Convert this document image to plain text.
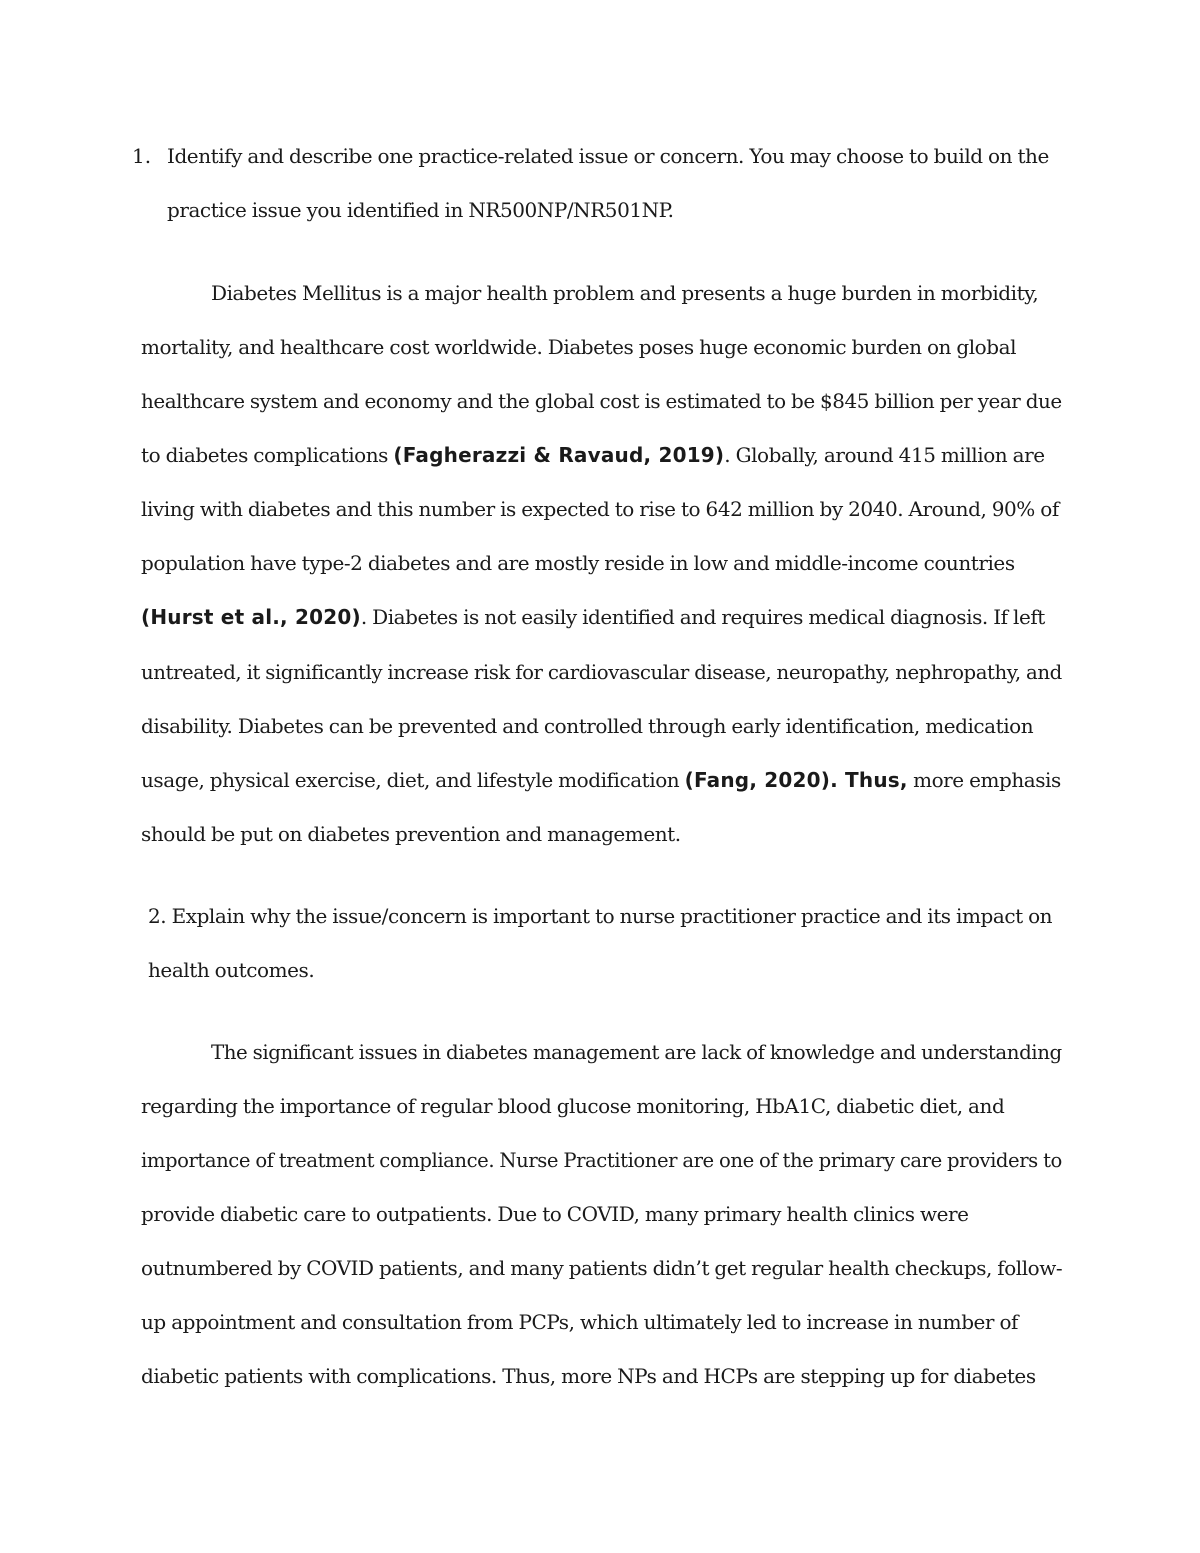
1. Identify and describe one practice-related issue or concern. You may choose to build on the
practice issue you identified in NR500NP/NR501NP.
Diabetes Mellitus is a major health problem and presents a huge burden in morbidity,
mortality, and healthcare cost worldwide. Diabetes poses huge economic burden on global
healthcare system and economy and the global cost is estimated to be $845 billion per year due
to diabetes complications (Fagherazzi & Ravaud, 2019). Globally, around 415 million are
living with diabetes and this number is expected to rise to 642 million by 2040. Around, 90% of
population have type-2 diabetes and are mostly reside in low and middle-income countries
(Hurst et al., 2020). Diabetes is not easily identified and requires medical diagnosis. If left
untreated, it significantly increase risk for cardiovascular disease, neuropathy, nephropathy, and
disability. Diabetes can be prevented and controlled through early identification, medication
usage, physical exercise, diet, and lifestyle modification (Fang, 2020). Thus, more emphasis
should be put on diabetes prevention and management.
2. Explain why the issue/concern is important to nurse practitioner practice and its impact on
health outcomes.
The significant issues in diabetes management are lack of knowledge and understanding
regarding the importance of regular blood glucose monitoring, HbA1C, diabetic diet, and
importance of treatment compliance. Nurse Practitioner are one of the primary care providers to
provide diabetic care to outpatients. Due to COVID, many primary health clinics were
outnumbered by COVID patients, and many patients didn’t get regular health checkups, follow-
up appointment and consultation from PCPs, which ultimately led to increase in number of
diabetic patients with complications. Thus, more NPs and HCPs are stepping up for diabetes
